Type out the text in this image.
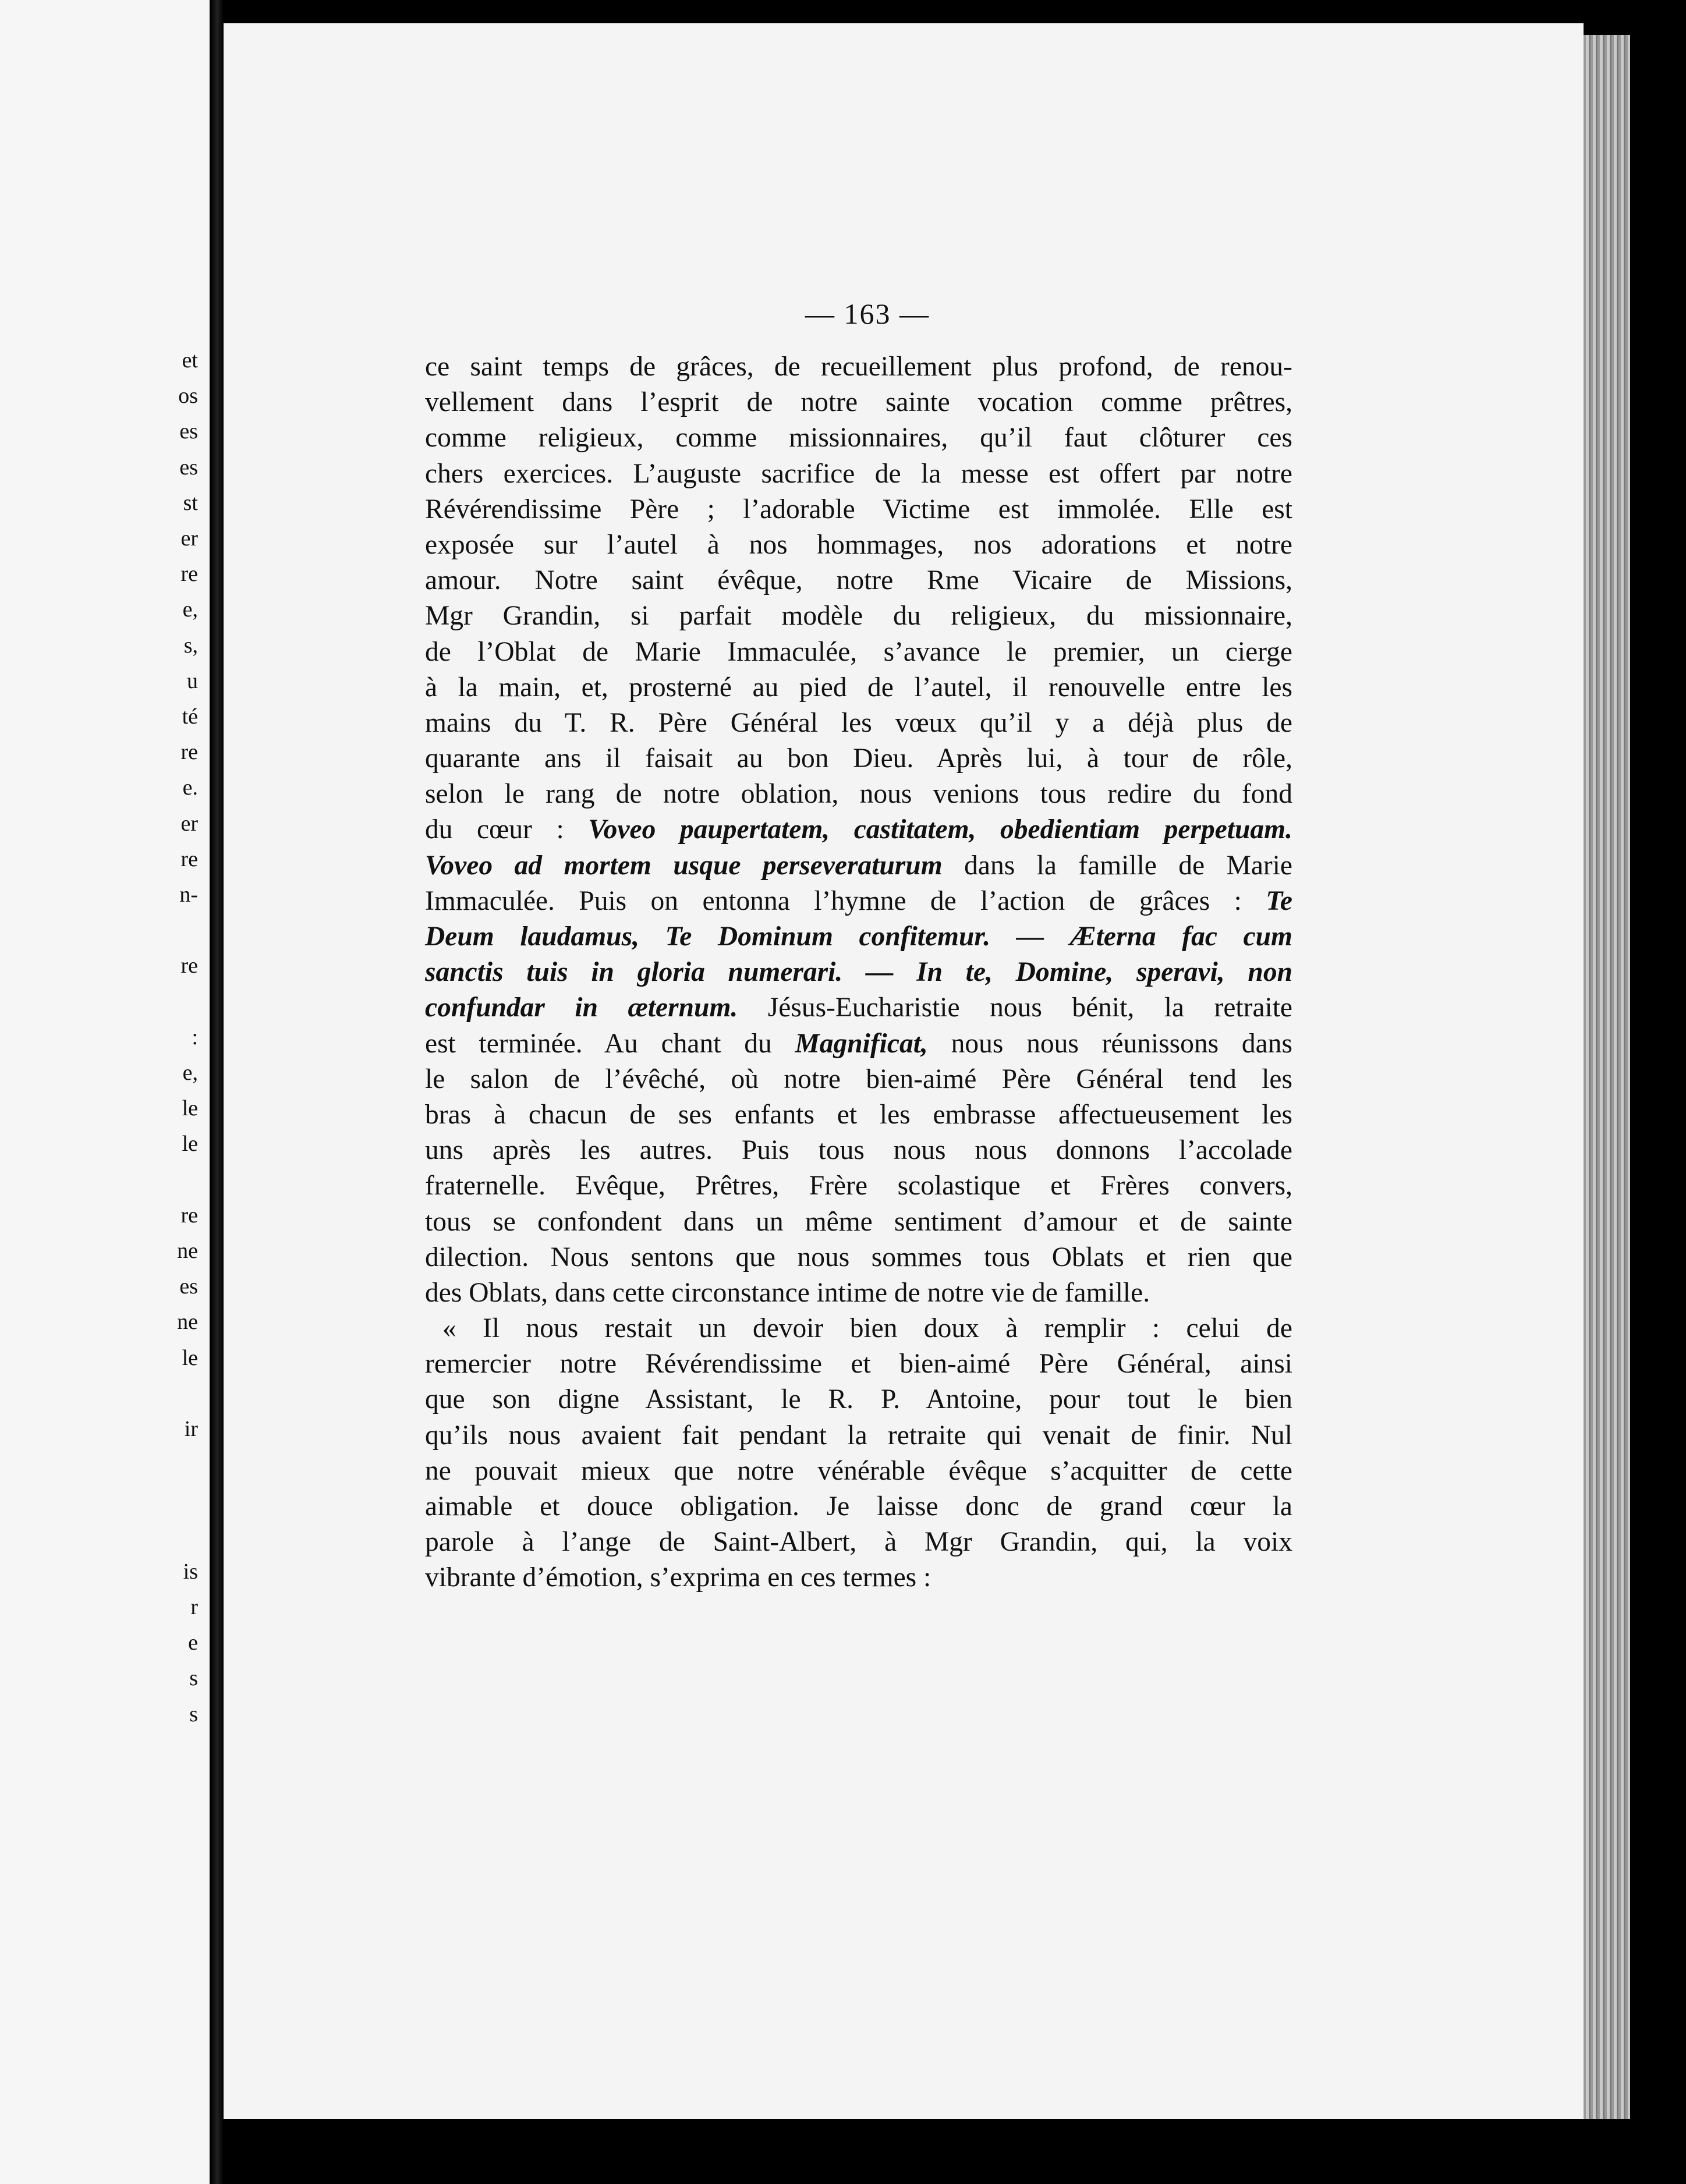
et
os
es
es
st
er
re
e,
s,
u
té
re
e.
er
re
n-
re
:
e,
le
le
re
ne
es
ne
le
ir
is
r
e
s
s
— 163 —
ce saint temps de grâces, de recueillement plus profond, de renou-
vellement dans l’esprit de notre sainte vocation comme prêtres,
comme religieux, comme missionnaires, qu’il faut clôturer ces
chers exercices. L’auguste sacrifice de la messe est offert par notre
Révérendissime Père ; l’adorable Victime est immolée. Elle est
exposée sur l’autel à nos hommages, nos adorations et notre
amour. Notre saint évêque, notre Rme Vicaire de Missions,
Mgr Grandin, si parfait modèle du religieux, du missionnaire,
de l’Oblat de Marie Immaculée, s’avance le premier, un cierge
à la main, et, prosterné au pied de l’autel, il renouvelle entre les
mains du T. R. Père Général les vœux qu’il y a déjà plus de
quarante ans il faisait au bon Dieu. Après lui, à tour de rôle,
selon le rang de notre oblation, nous venions tous redire du fond
du cœur : Voveo paupertatem, castitatem, obedientiam perpetuam.
Voveo ad mortem usque perseveraturum dans la famille de Marie
Immaculée. Puis on entonna l’hymne de l’action de grâces : Te
Deum laudamus, Te Dominum confitemur. — Æterna fac cum
sanctis tuis in gloria numerari. — In te, Domine, speravi, non
confundar in æternum. Jésus-Eucharistie nous bénit, la retraite
est terminée. Au chant du Magnificat, nous nous réunissons dans
le salon de l’évêché, où notre bien-aimé Père Général tend les
bras à chacun de ses enfants et les embrasse affectueusement les
uns après les autres. Puis tous nous nous donnons l’accolade
fraternelle. Evêque, Prêtres, Frère scolastique et Frères convers,
tous se confondent dans un même sentiment d’amour et de sainte
dilection. Nous sentons que nous sommes tous Oblats et rien que
des Oblats, dans cette circonstance intime de notre vie de famille.
« Il nous restait un devoir bien doux à remplir : celui de
remercier notre Révérendissime et bien-aimé Père Général, ainsi
que son digne Assistant, le R. P. Antoine, pour tout le bien
qu’ils nous avaient fait pendant la retraite qui venait de finir. Nul
ne pouvait mieux que notre vénérable évêque s’acquitter de cette
aimable et douce obligation. Je laisse donc de grand cœur la
parole à l’ange de Saint-Albert, à Mgr Grandin, qui, la voix
vibrante d’émotion, s’exprima en ces termes :
